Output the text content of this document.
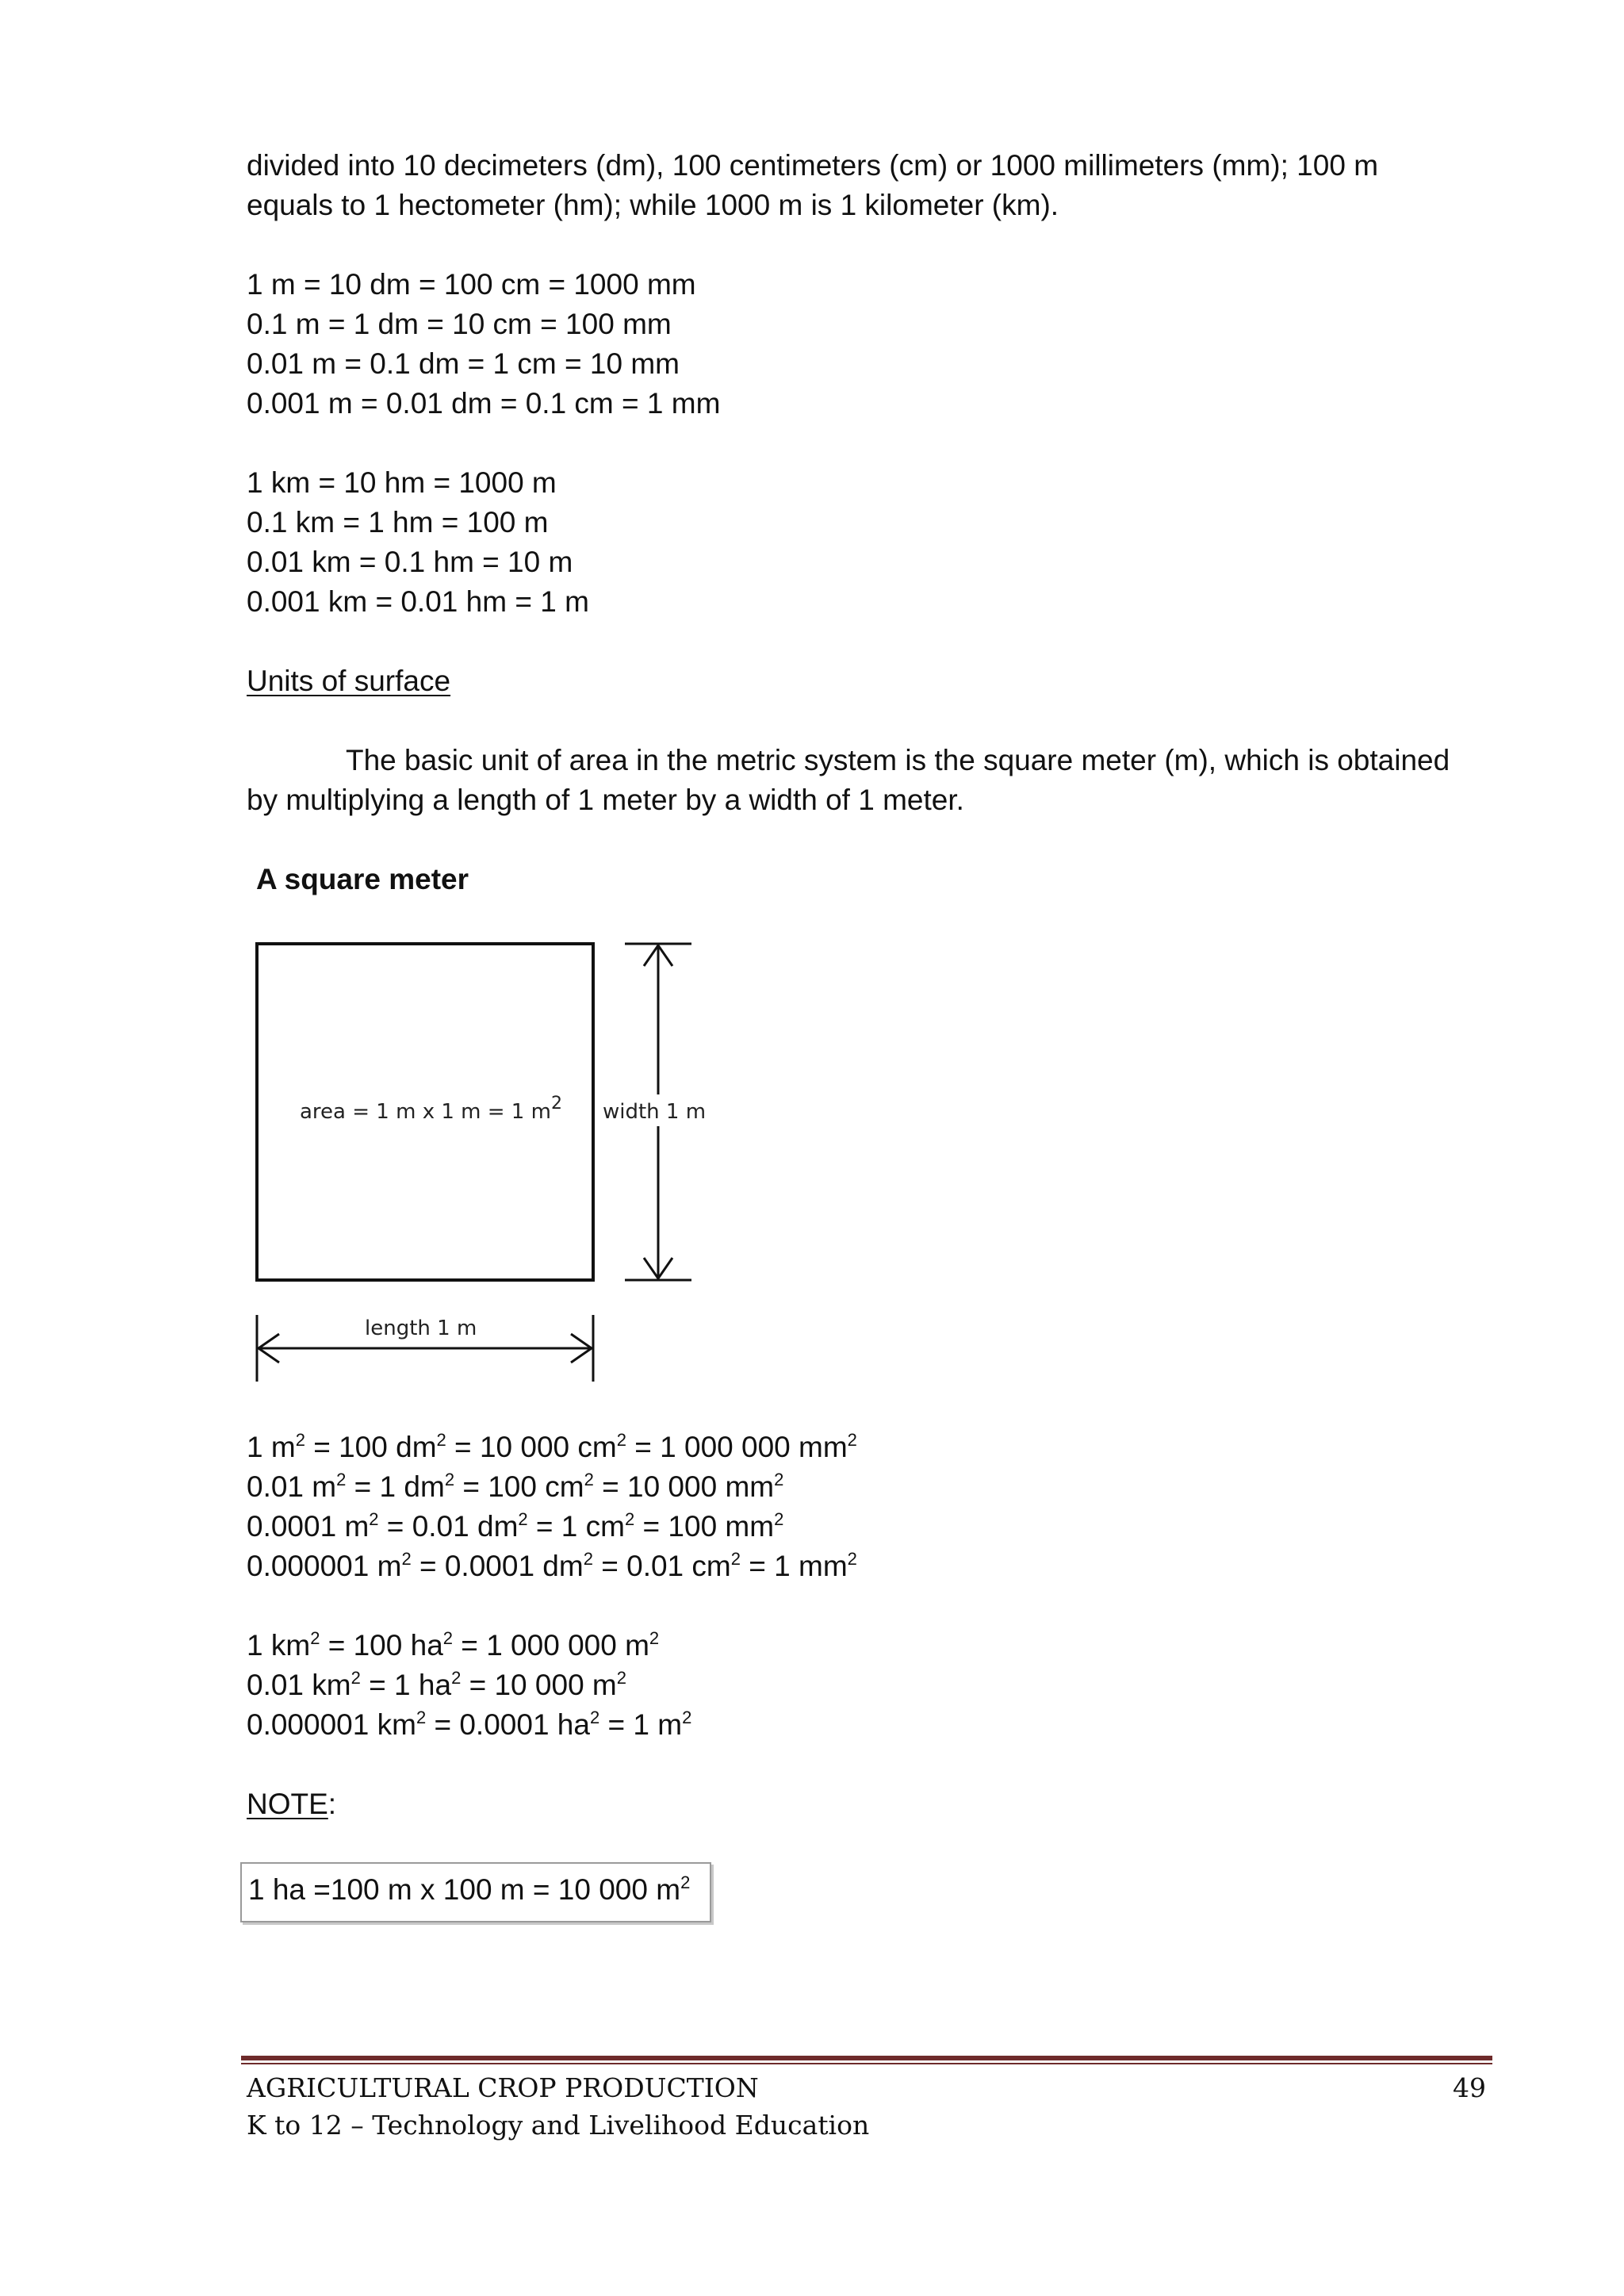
divided into 10 decimeters (dm), 100 centimeters (cm) or 1000 millimeters (mm); 100 m
equals to 1 hectometer (hm); while 1000 m is 1 kilometer (km).
1 m = 10 dm = 100 cm = 1000 mm
0.1 m = 1 dm = 10 cm = 100 mm
0.01 m = 0.1 dm = 1 cm = 10 mm
0.001 m = 0.01 dm = 0.1 cm = 1 mm
1 km = 10 hm = 1000 m
0.1 km = 1 hm = 100 m
0.01 km = 0.1 hm = 10 m
0.001 km = 0.01 hm = 1 m
Units of surface
The basic unit of area in the metric system is the square meter (m), which is obtained
by multiplying a length of 1 meter by a width of 1 meter.
A square meter
area = 1 m x 1 m = 1 $m^2$ width 1 m
length 1 m
1 $m^2 = 100$ $dm^2 = 10$ 000 $cm^2 = 1$ 000 000 $mm^2$
0.01 $m^2 = 1$ $dm^2 = 100$ $cm^2 = 10$ 000 $mm^2$
0.0001 $m^2 = 0.01$ $dm^2 = 1$ $cm^2 = 100$ $mm^2$
0.000001 $m^2 = 0.0001$ $dm^2 = 0.01$ $cm^2 = 1$ $mm^2$
1 $km^2 = 100$ $ha^2 = 1$ 000 000 $m^2$
0.01 $km^2 = 1$ $ha^2 = 10$ 000 $m^2$
0.000001 $km^2 = 0.0001$ $ha^2 = 1$ $m^2$
NOTE:
1 ha =100 m x 100 m = 10 000 $m^2$
AGRICULTURAL CROP PRODUCTION
K to 12 – Technology and Livelihood Education
49
